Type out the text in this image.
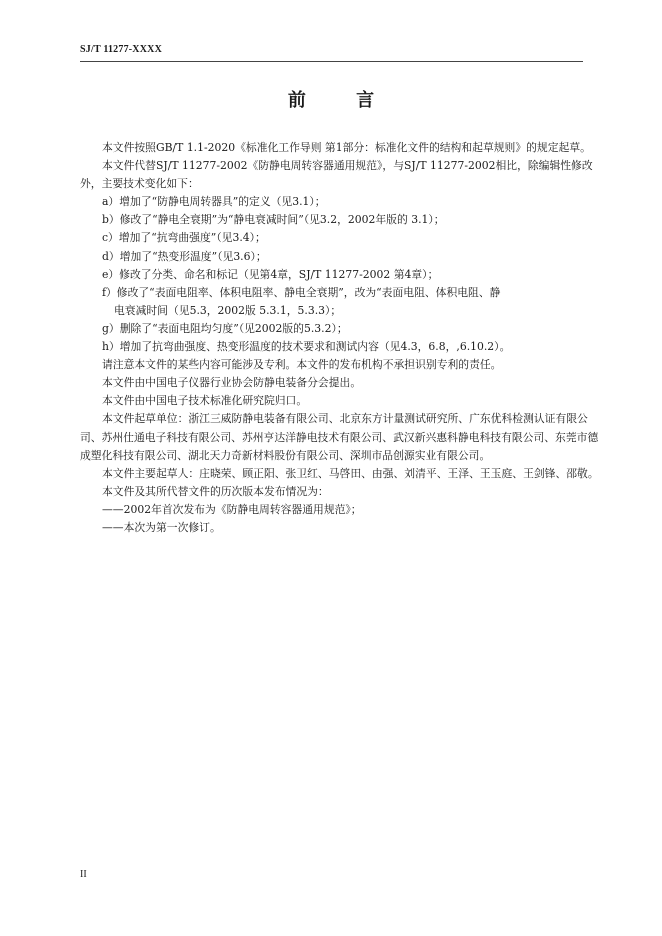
SJ/T 11277-XXXX
前 言

本文件按照GB/T 1.1-2020《标准化工作导则 第1部分：标准化文件的结构和起草规则》的规定起草。

本文件代替SJ/T 11277-2002《防静电周转容器通用规范》，与SJ/T 11277-2002相比，除编辑性修改外，主要技术变化如下：

a）增加了“防静电周转器具”的定义（见3.1）；

b）修改了“静电全衰期”为“静电衰减时间”（见3.2，2002年版的 3.1）；

c）增加了“抗弯曲强度”（见3.4）；

d）增加了“热变形温度”（见3.6）；

e）修改了分类、命名和标记（见第4章，SJ/T 11277-2002 第4章）；

f）修改了“表面电阻率、体积电阻率、静电全衰期”，改为“表面电阻、体积电阻、静

电衰减时间（见5.3，2002版 5.3.1，5.3.3）；

g）删除了“表面电阻均匀度”（见2002版的5.3.2）；

h）增加了抗弯曲强度、热变形温度的技术要求和测试内容（见4.3，6.8，,6.10.2）。

请注意本文件的某些内容可能涉及专利。本文件的发布机构不承担识别专利的责任。

本文件由中国电子仪器行业协会防静电装备分会提出。

本文件由中国电子技术标准化研究院归口。

本文件起草单位：浙江三威防静电装备有限公司、北京东方计量测试研究所、广东优科检测认证有限公司、苏州仕通电子科技有限公司、苏州亨达洋静电技术有限公司、武汉新兴惠科静电科技有限公司、东莞市德成塑化科技有限公司、湖北天力奇新材料股份有限公司、深圳市品创源实业有限公司。

本文件主要起草人：庄晓荣、顾正阳、张卫红、马啓田、由强、刘清平、王泽、王玉庭、王剑锋、邵敬。

本文件及其所代替文件的历次版本发布情况为：

——2002年首次发布为《防静电周转容器通用规范》；

——本次为第一次修订。

II
